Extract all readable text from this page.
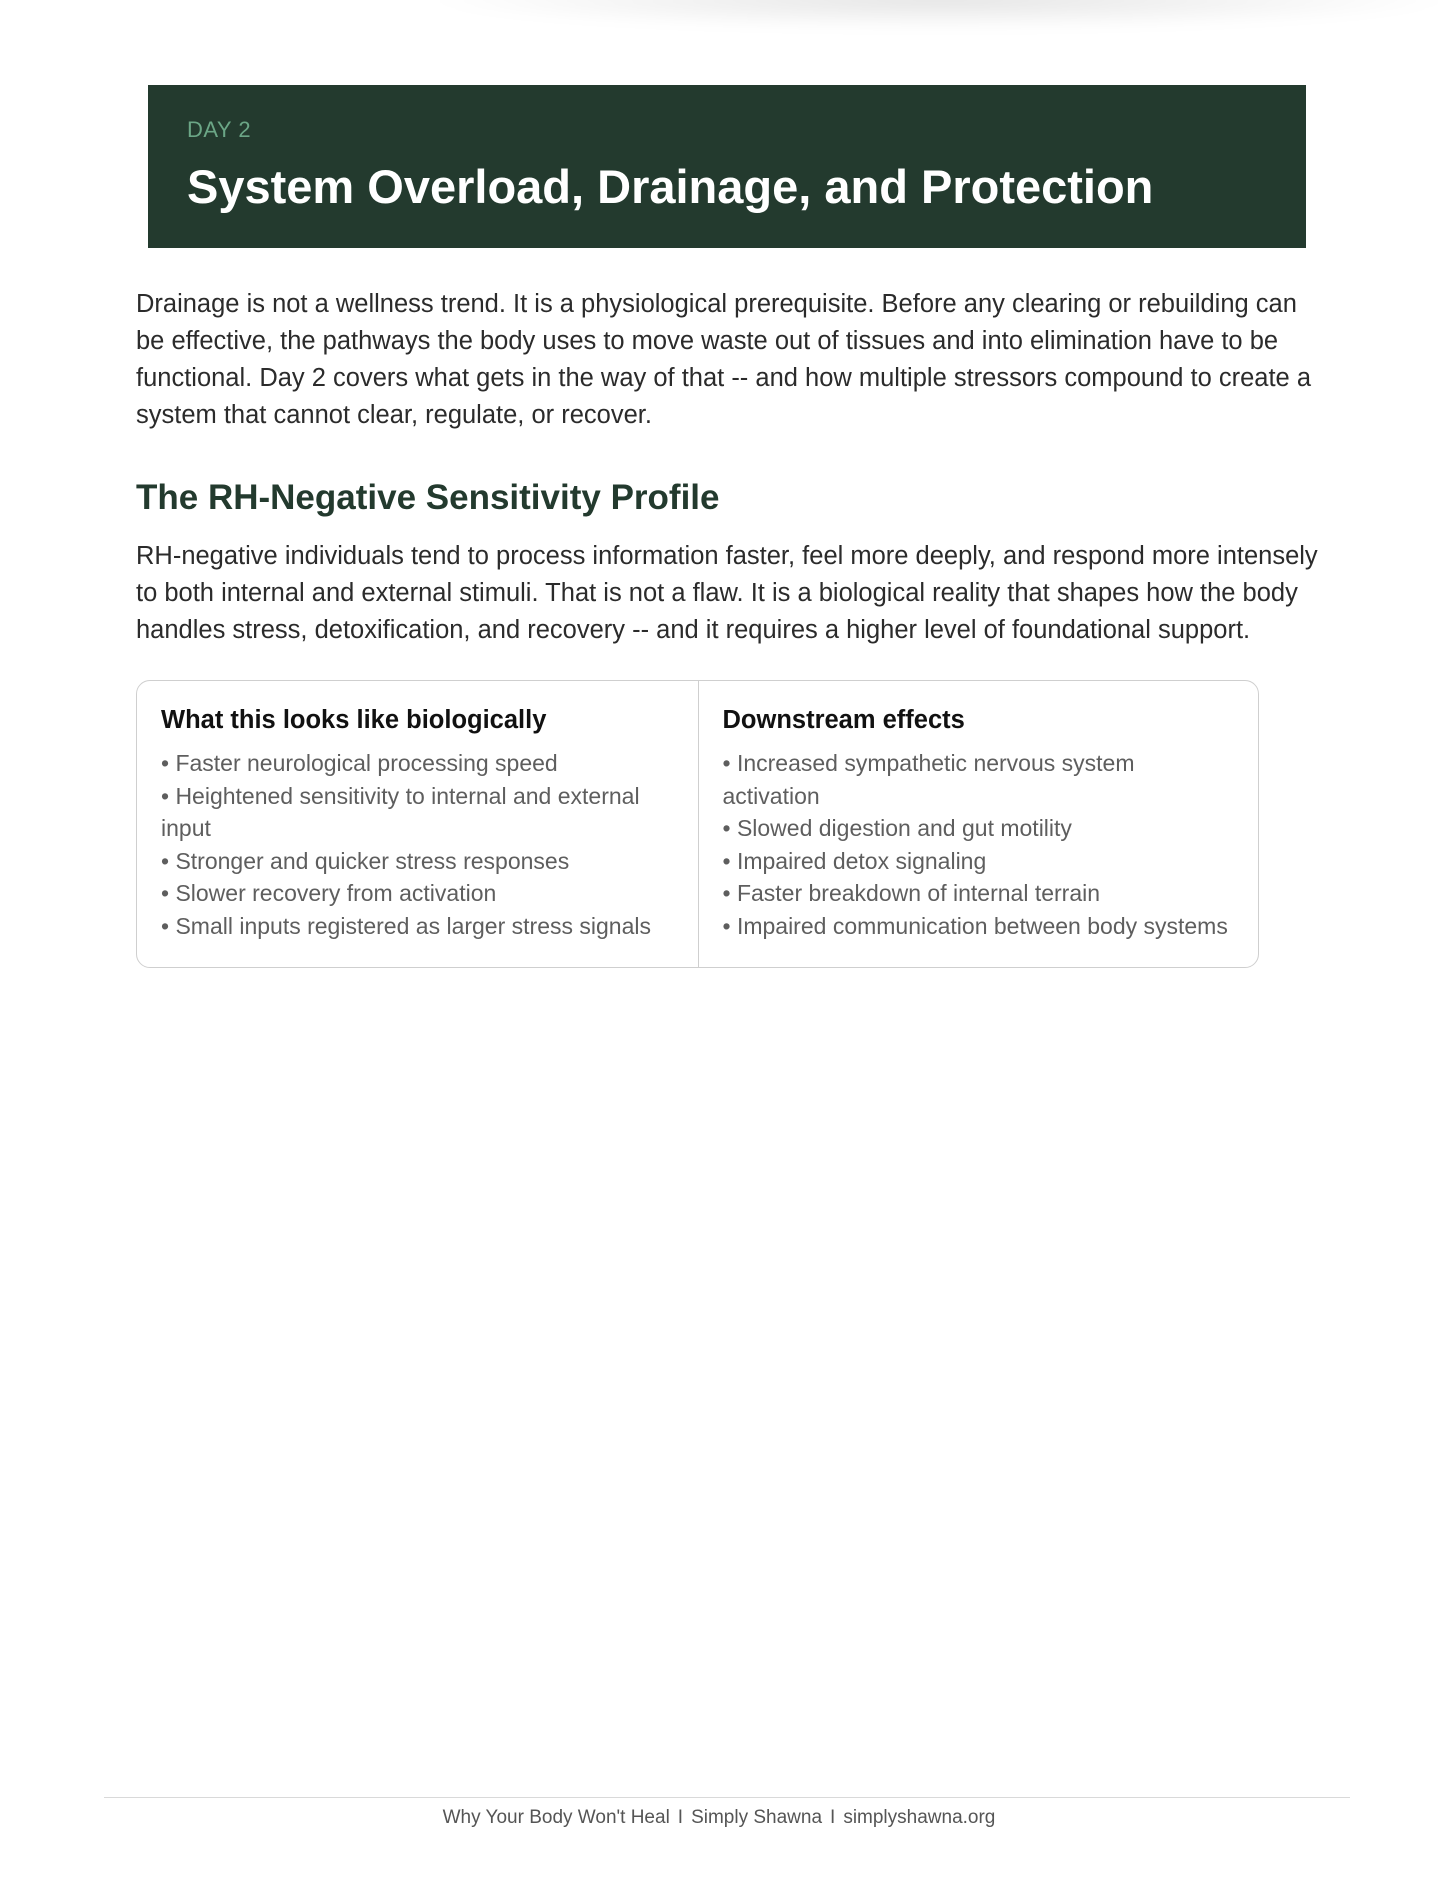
DAY 2
System Overload, Drainage, and Protection

Drainage is not a wellness trend. It is a physiological prerequisite. Before any clearing or rebuilding can be effective, the pathways the body uses to move waste out of tissues and into elimination have to be functional. Day 2 covers what gets in the way of that -- and how multiple stressors compound to create a system that cannot clear, regulate, or recover.

The RH-Negative Sensitivity Profile

RH-negative individuals tend to process information faster, feel more deeply, and respond more intensely to both internal and external stimuli. That is not a flaw. It is a biological reality that shapes how the body handles stress, detoxification, and recovery -- and it requires a higher level of foundational support.

What this looks like biologically
• Faster neurological processing speed
• Heightened sensitivity to internal and external input
• Stronger and quicker stress responses
• Slower recovery from activation
• Small inputs registered as larger stress signals
Downstream effects
• Increased sympathetic nervous system activation
• Slowed digestion and gut motility
• Impaired detox signaling
• Faster breakdown of internal terrain
• Impaired communication between body systems
Why Your Body Won't Heal I Simply Shawna I simplyshawna.org
